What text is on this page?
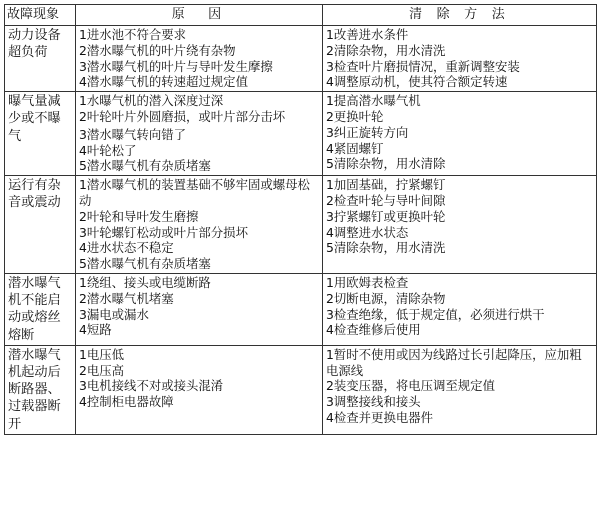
故障现象	原　因	清 除 方 法
动力设备超负荷	1进水池不符合要求
2潜水曝气机的叶片绕有杂物
3潜水曝气机的叶片与导叶发生摩擦
4潜水曝气机的转速超过规定值	1改善进水条件
2清除杂物，用水清洗
3检查叶片磨损情况，重新调整安装
4调整原动机，使其符合额定转速

曝气量减少或不曝气	1水曝气机的潜入深度过深
2叶轮叶片外圆磨损，或叶片部分击坏
3潜水曝气转向错了
4叶轮松了
5潜水曝气机有杂质堵塞	1提高潜水曝气机
2更换叶轮
3纠正旋转方向
4紧固螺钉
5清除杂物，用水清除

运行有杂音或震动	1潜水曝气机的装置基础不够牢固或螺母松动
2叶轮和导叶发生磨擦
3叶轮螺钉松动或叶片部分损坏
4进水状态不稳定
5潜水曝气机有杂质堵塞	1加固基础，拧紧螺钉
2检查叶轮与导叶间隙
3拧紧螺钉或更换叶轮
4调整进水状态
5清除杂物，用水清洗

潜水曝气机不能启动或熔丝熔断	1绕组、接头或电缆断路
2潜水曝气机堵塞
3漏电或漏水
4短路	1用欧姆表检查
2切断电源，清除杂物
3检查绝缘，低于规定值，必须进行烘干
4检查维修后使用

潜水曝气机起动后断路器、过载器断开	1电压低
2电压高
3电机接线不对或接头混淆
4控制柜电器故障	1暂时不使用或因为线路过长引起降压，应加粗电源线
2装变压器，将电压调至规定值
3调整接线和接头
4检查并更换电器件
